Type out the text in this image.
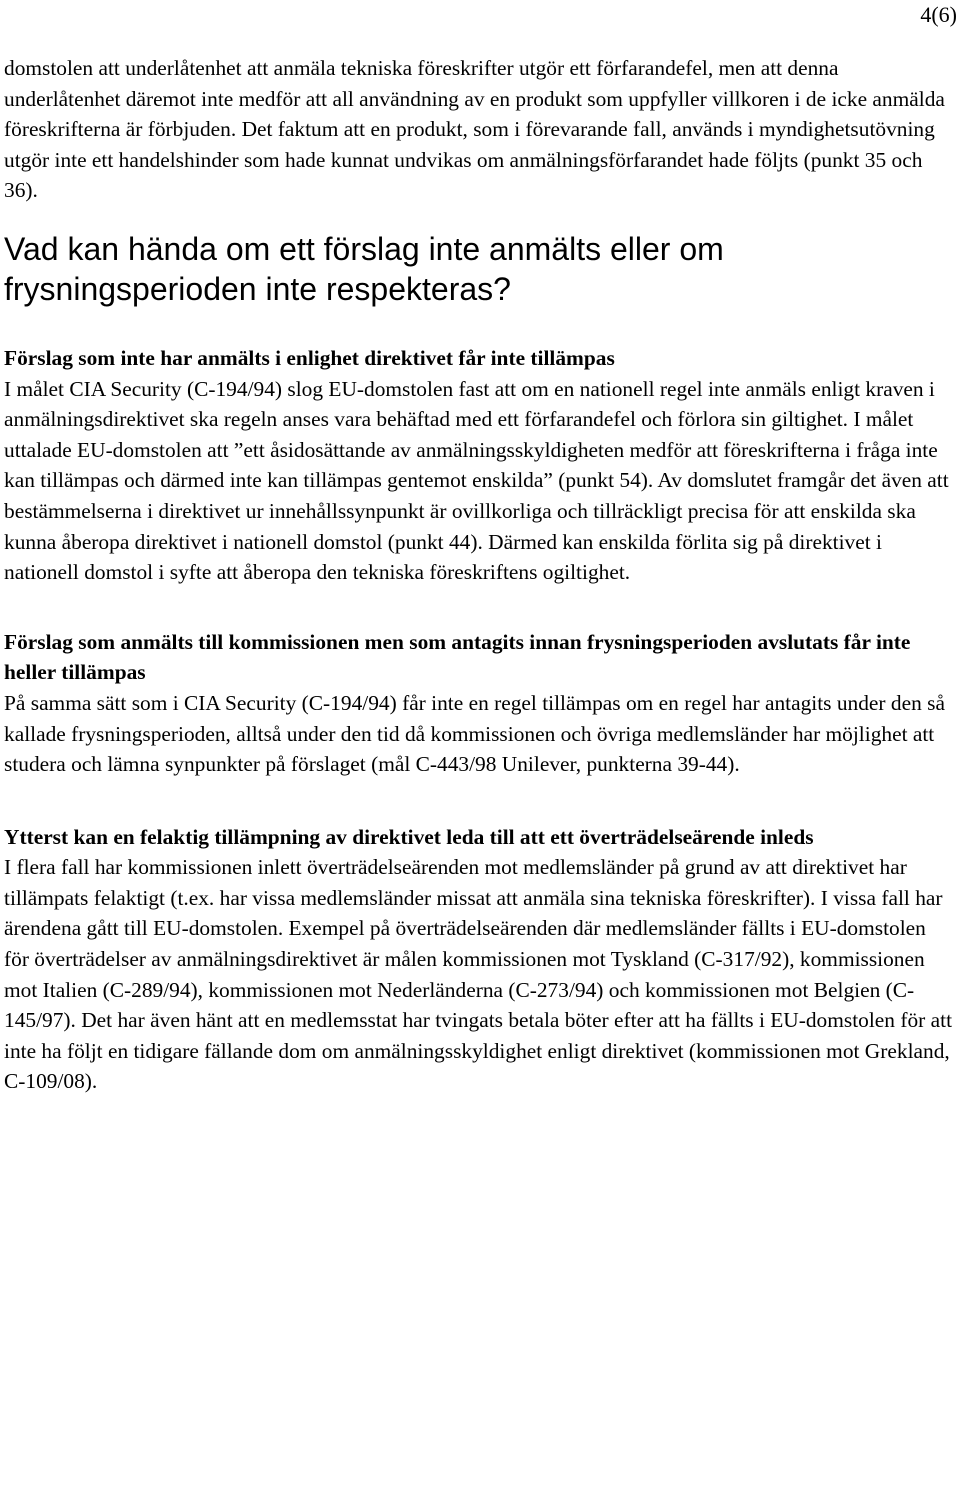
4(6)

domstolen att underlåtenhet att anmäla tekniska föreskrifter utgör ett förfarandefel, men att denna underlåtenhet däremot inte medför att all användning av en produkt som uppfyller villkoren i de icke anmälda föreskrifterna är förbjuden. Det faktum att en produkt, som i förevarande fall, används i myndighetsutövning utgör inte ett handelshinder som hade kunnat undvikas om anmälningsförfarandet hade följts (punkt 35 och 36).

Vad kan hända om ett förslag inte anmälts eller om frysningsperioden inte respekteras?
Förslag som inte har anmälts i enlighet direktivet får inte tillämpas

I målet CIA Security (C-194/94) slog EU-domstolen fast att om en nationell regel inte anmäls enligt kraven i anmälningsdirektivet ska regeln anses vara behäftad med ett förfarandefel och förlora sin giltighet. I målet uttalade EU-domstolen att ”ett åsidosättande av anmälningsskyldigheten medför att föreskrifterna i fråga inte kan tillämpas och därmed inte kan tillämpas gentemot enskilda” (punkt 54). Av domslutet framgår det även att bestämmelserna i direktivet ur innehållssynpunkt är ovillkorliga och tillräckligt precisa för att enskilda ska kunna åberopa direktivet i nationell domstol (punkt 44). Därmed kan enskilda förlita sig på direktivet i nationell domstol i syfte att åberopa den tekniska föreskriftens ogiltighet.

Förslag som anmälts till kommissionen men som antagits innan frysningsperioden avslutats får inte heller tillämpas

På samma sätt som i CIA Security (C-194/94) får inte en regel tillämpas om en regel har antagits under den så kallade frysningsperioden, alltså under den tid då kommissionen och övriga medlemsländer har möjlighet att studera och lämna synpunkter på förslaget (mål C-443/98 Unilever, punkterna 39-44).

Ytterst kan en felaktig tillämpning av direktivet leda till att ett överträdelseärende inleds

I flera fall har kommissionen inlett överträdelseärenden mot medlemsländer på grund av att direktivet har tillämpats felaktigt (t.ex. har vissa medlemsländer missat att anmäla sina tekniska föreskrifter). I vissa fall har ärendena gått till EU-domstolen. Exempel på överträdelseärenden där medlemsländer fällts i EU-domstolen för överträdelser av anmälningsdirektivet är målen kommissionen mot Tyskland (C-317/92), kommissionen mot Italien (C-289/94), kommissionen mot Nederländerna (C-273/94) och kommissionen mot Belgien (C-145/97). Det har även hänt att en medlemsstat har tvingats betala böter efter att ha fällts i EU-domstolen för att inte ha följt en tidigare fällande dom om anmälningsskyldighet enligt direktivet (kommissionen mot Grekland, C-109/08).
